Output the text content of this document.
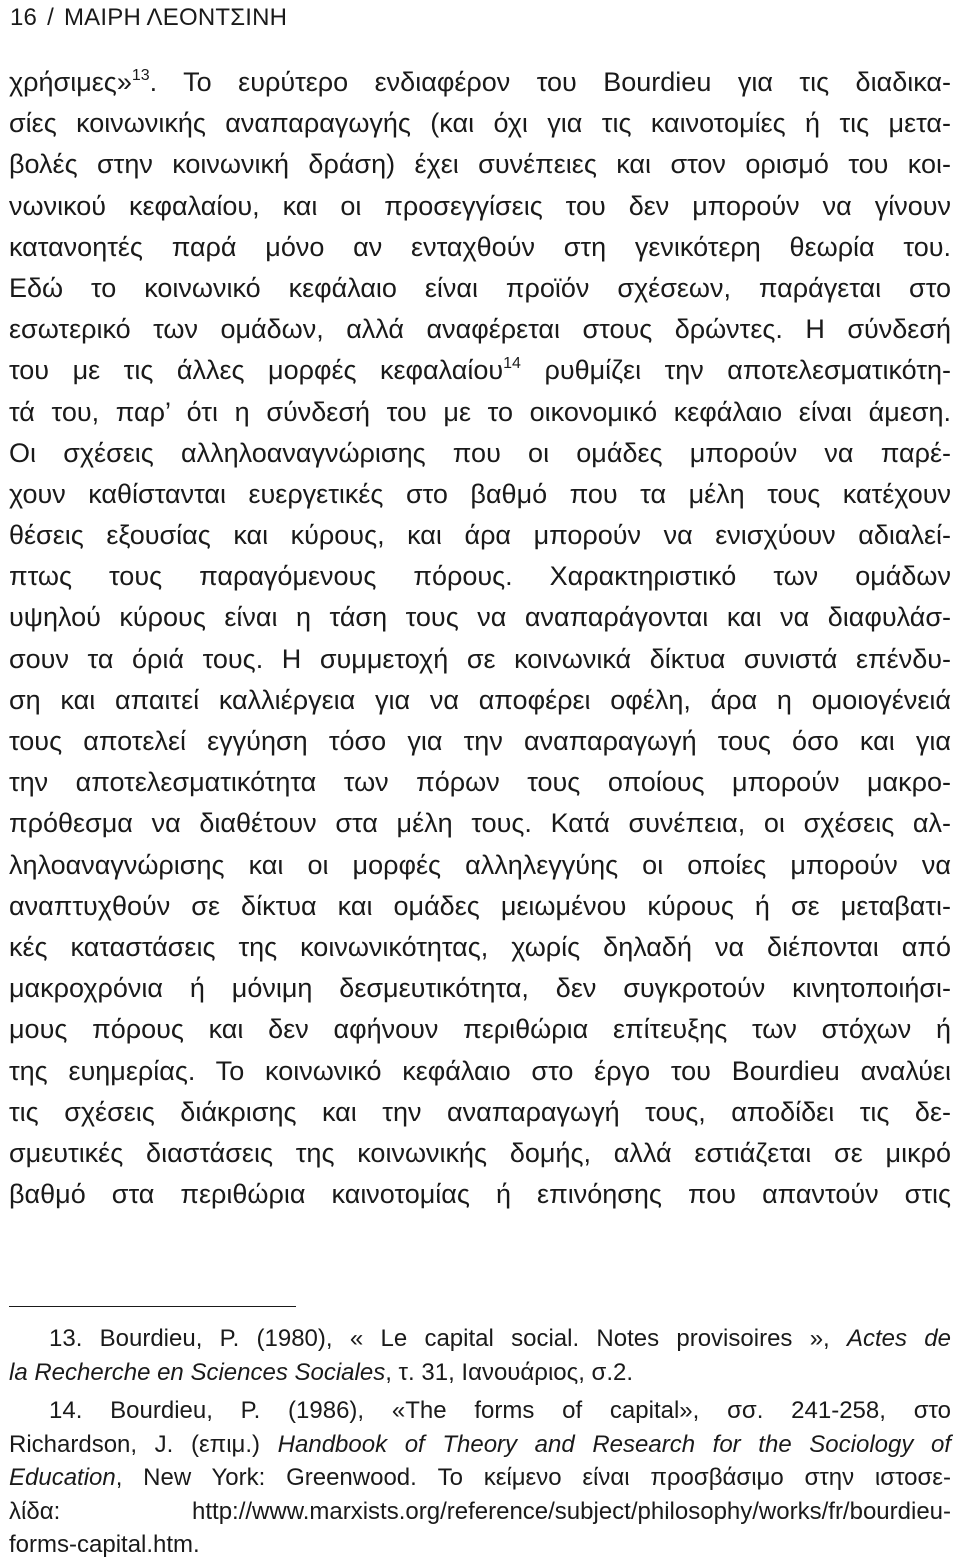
16 / ΜΑΙΡΗ ΛΕΟΝΤΣΙΝΗ
χρήσιμες»$^{13}$. Το ευρύτερο ενδιαφέρον του Bourdieu για τις διαδικα-
σίες κοινωνικής αναπαραγωγής (και όχι για τις καινοτομίες ή τις μετα-
βολές στην κοινωνική δράση) έχει συνέπειες και στον ορισμό του κοι-
νωνικού κεφαλαίου, και οι προσεγγίσεις του δεν μπορούν να γίνουν
κατανοητές παρά μόνο αν ενταχθούν στη γενικότερη θεωρία του.
Εδώ το κοινωνικό κεφάλαιο είναι προϊόν σχέσεων, παράγεται στο
εσωτερικό των ομάδων, αλλά αναφέρεται στους δρώντες. Η σύνδεσή
του με τις άλλες μορφές κεφαλαίου$^{14}$ ρυθμίζει την αποτελεσματικότη-
τά του, παρ’ ότι η σύνδεσή του με το οικονομικό κεφάλαιο είναι άμεση.
Οι σχέσεις αλληλοαναγνώρισης που οι ομάδες μπορούν να παρέ-
χουν καθίστανται ευεργετικές στο βαθμό που τα μέλη τους κατέχουν
θέσεις εξουσίας και κύρους, και άρα μπορούν να ενισχύουν αδιαλεί-
πτως τους παραγόμενους πόρους. Χαρακτηριστικό των ομάδων
υψηλού κύρους είναι η τάση τους να αναπαράγονται και να διαφυλάσ-
σουν τα όριά τους. Η συμμετοχή σε κοινωνικά δίκτυα συνιστά επένδυ-
ση και απαιτεί καλλιέργεια για να αποφέρει οφέλη, άρα η ομοιογένειά
τους αποτελεί εγγύηση τόσο για την αναπαραγωγή τους όσο και για
την αποτελεσματικότητα των πόρων τους οποίους μπορούν μακρο-
πρόθεσμα να διαθέτουν στα μέλη τους. Κατά συνέπεια, οι σχέσεις αλ-
ληλοαναγνώρισης και οι μορφές αλληλεγγύης οι οποίες μπορούν να
αναπτυχθούν σε δίκτυα και ομάδες μειωμένου κύρους ή σε μεταβατι-
κές καταστάσεις της κοινωνικότητας, χωρίς δηλαδή να διέπονται από
μακροχρόνια ή μόνιμη δεσμευτικότητα, δεν συγκροτούν κινητοποιήσι-
μους πόρους και δεν αφήνουν περιθώρια επίτευξης των στόχων ή
της ευημερίας. Το κοινωνικό κεφάλαιο στο έργο του Bourdieu αναλύει
τις σχέσεις διάκρισης και την αναπαραγωγή τους, αποδίδει τις δε-
σμευτικές διαστάσεις της κοινωνικής δομής, αλλά εστιάζεται σε μικρό
βαθμό στα περιθώρια καινοτομίας ή επινόησης που απαντούν στις
13. Bourdieu, P. (1980), « Le capital social. Notes provisoires », Actes de
la Recherche en Sciences Sociales, τ. 31, Ιανουάριος, σ.2.
14. Bourdieu, P. (1986), «The forms of capital», σσ. 241-258, στο
Richardson, J. (επιμ.) Handbook of Theory and Research for the Sociology of
Education, New York: Greenwood. Το κείμενο είναι προσβάσιμο στην ιστοσε-
λίδα: http://www.marxists.org/reference/subject/philosophy/works/fr/bourdieu-
forms-capital.htm.
